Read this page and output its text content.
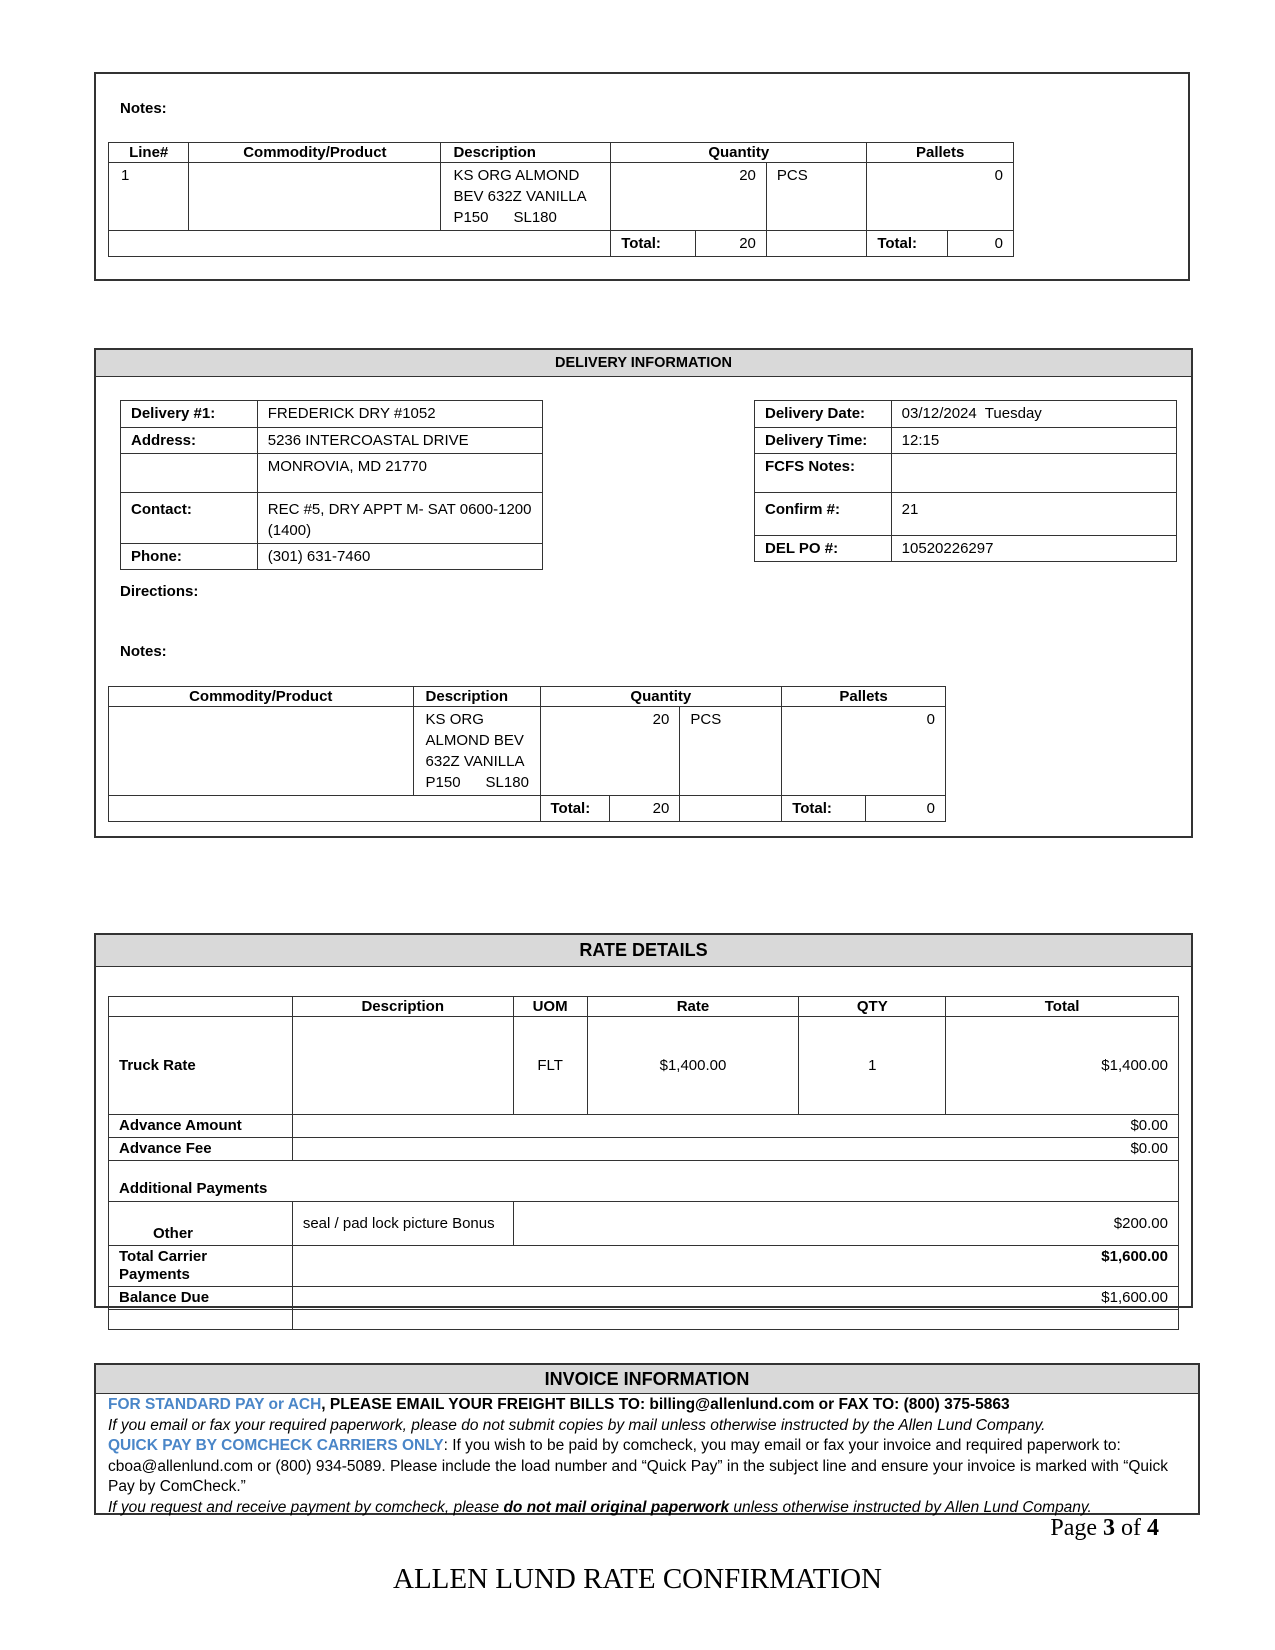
Notes:
Line#	Commodity/Product	Description	Quantity			Pallets	
1		KS ORG ALMOND
BEV 632Z VANILLA
P150      SL180	20		PCS	0	
			Total:	20		Total:	0
DELIVERY INFORMATION
Delivery #1:	FREDERICK DRY #1052
Address:	5236 INTERCOASTAL DRIVE
	MONROVIA, MD 21770
Contact:	REC #5, DRY APPT M- SAT 0600-1200 (1400)
Phone:	(301) 631-7460
Delivery Date:	03/12/2024  Tuesday
Delivery Time:	12:15
FCFS Notes:	
Confirm #:	21
DEL PO #:	10520226297
Directions:
Notes:
Commodity/Product	Description	Quantity			Pallets	

	KS ORG
ALMOND BEV
632Z VANILLA
P150      SL180	20		PCS	0	
		Total:	20		Total:	0
RATE DETAILS
	Description	UOM	Rate	QTY	Total
Truck Rate		FLT	$1,400.00	1	$1,400.00
Advance Amount	$0.00				
Advance Fee	$0.00				
Additional Payments					
Other	seal / pad lock picture Bonus	$200.00			
Total Carrier Payments	$1,600.00				
Balance Due	$1,600.00				

INVOICE INFORMATION

FOR STANDARD PAY or ACH, PLEASE EMAIL YOUR FREIGHT BILLS TO: billing@allenlund.com or FAX TO: (800) 375-5863

If you email or fax your required paperwork, please do not submit copies by mail unless otherwise instructed by the Allen Lund Company.

QUICK PAY BY COMCHECK CARRIERS ONLY: If you wish to be paid by comcheck, you may email or fax your invoice and required paperwork to: cboa@allenlund.com or (800) 934-5089. Please include the load number and “Quick Pay” in the subject line and ensure your invoice is marked with “Quick Pay by ComCheck.”

If you request and receive payment by comcheck, please do not mail original paperwork unless otherwise instructed by Allen Lund Company.

Page 3 of 4
ALLEN LUND RATE CONFIRMATION
